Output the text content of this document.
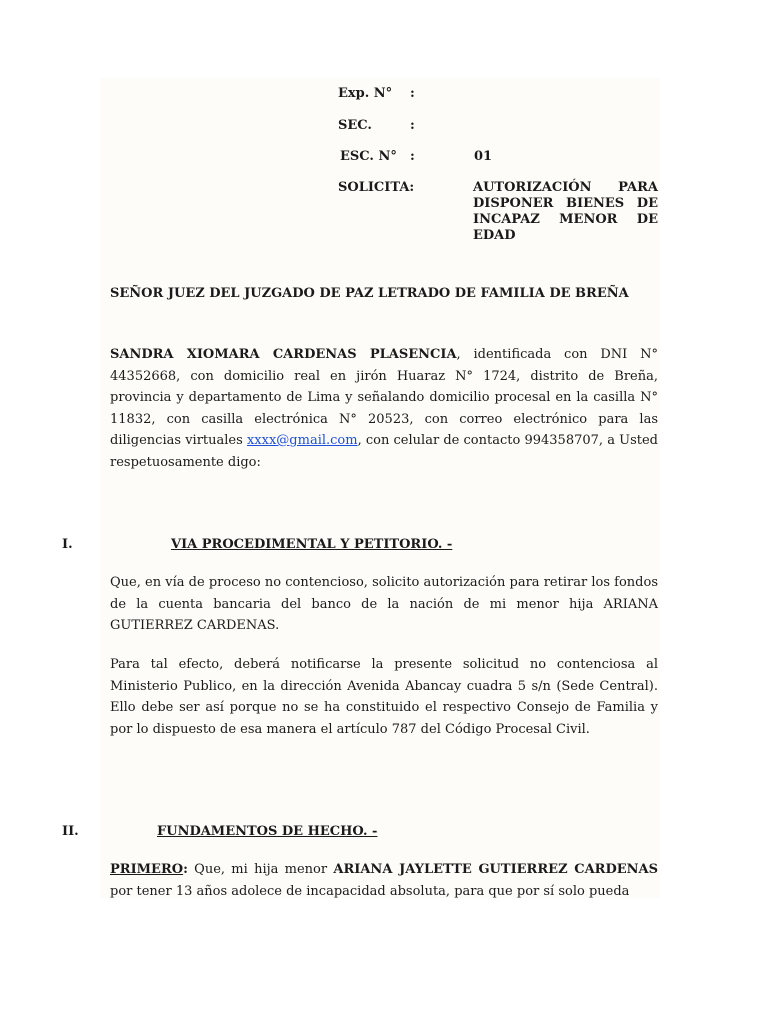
Exp. N° :
SEC.	:
ESC. N° :	01
SOLICITA:	AUTORIZACIÓN PARA
DISPONER BIENES DE
INCAPAZ MENOR DE
EDAD
SEÑOR JUEZ DEL JUZGADO DE PAZ LETRADO DE FAMILIA DE BREÑA
SANDRA XIOMARA CARDENAS PLASENCIA, identificada con DNI N° 44352668, con domicilio real en jirón Huaraz N° 1724, distrito de Breña, provincia y departamento de Lima y señalando domicilio procesal en la casilla N° 11832, con casilla electrónica N° 20523, con correo electrónico para las diligencias virtuales xxxx@gmail.com, con celular de contacto 994358707, a Usted respetuosamente digo:
I.	VIA PROCEDIMENTAL Y PETITORIO. -
Que, en vía de proceso no contencioso, solicito autorización para retirar los fondos de la cuenta bancaria del banco de la nación de mi menor hija ARIANA GUTIERREZ CARDENAS.
Para tal efecto, deberá notificarse la presente solicitud no contenciosa al Ministerio Publico, en la dirección Avenida Abancay cuadra 5 s/n (Sede Central). Ello debe ser así porque no se ha constituido el respectivo Consejo de Familia y por lo dispuesto de esa manera el artículo 787 del Código Procesal Civil.
II.	FUNDAMENTOS DE HECHO. -
PRIMERO: Que, mi hija menor ARIANA JAYLETTE GUTIERREZ CARDENAS por tener 13 años adolece de incapacidad absoluta, para que por sí solo pueda
